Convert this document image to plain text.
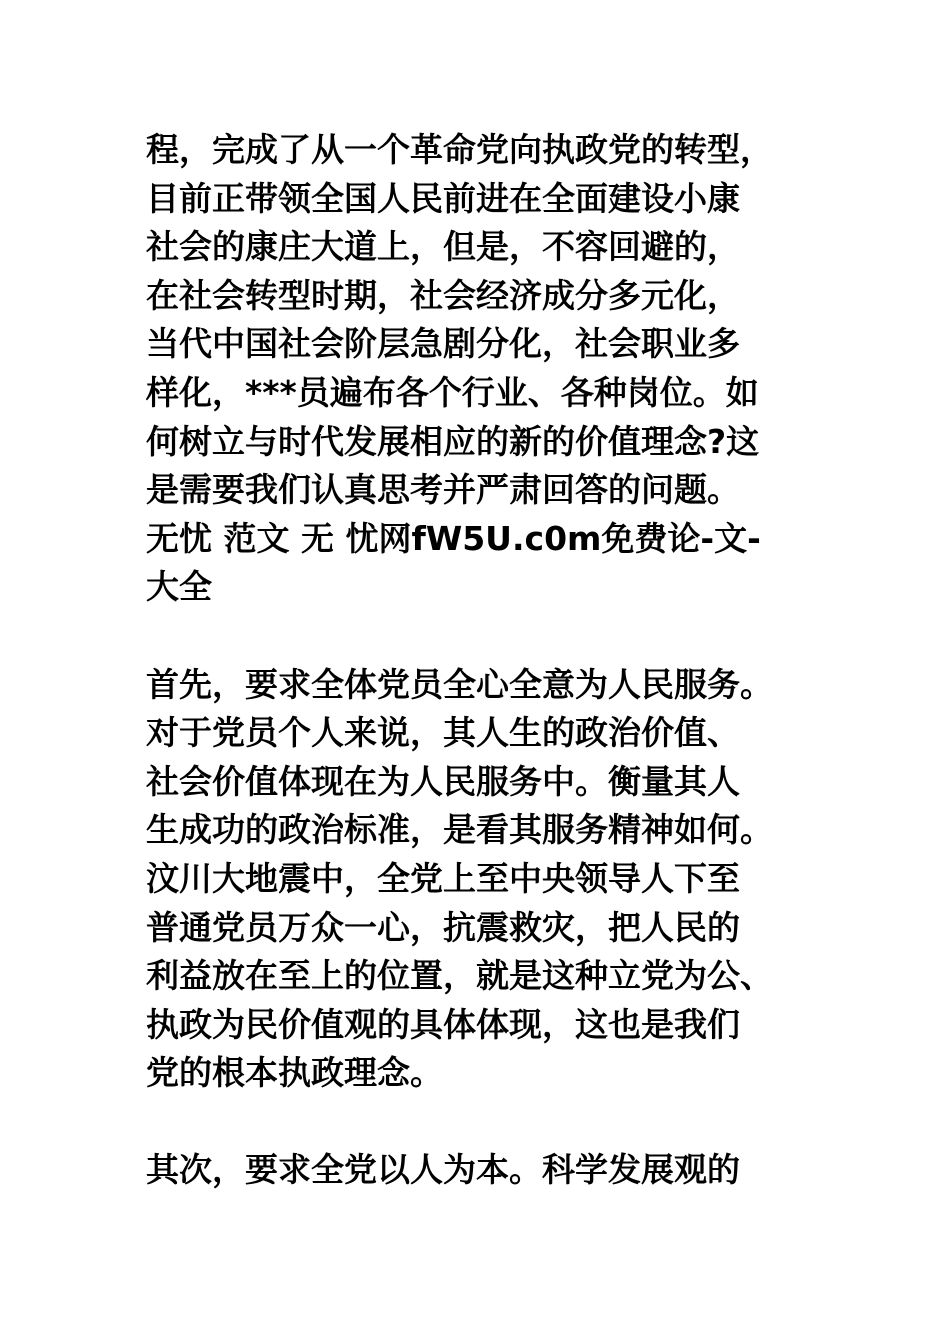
程，完成了从一个革命党向执政党的转型，
目前正带领全国人民前进在全面建设小康
社会的康庄大道上，但是，不容回避的，
在社会转型时期，社会经济成分多元化，
当代中国社会阶层急剧分化，社会职业多
样化，***员遍布各个行业、各种岗位。如
何树立与时代发展相应的新的价值理念?这
是需要我们认真思考并严肃回答的问题。
无忧 范文 无 忧网fW5U.c0m免费论-文-
大全
首先，要求全体党员全心全意为人民服务。
对于党员个人来说，其人生的政治价值、
社会价值体现在为人民服务中。衡量其人
生成功的政治标准，是看其服务精神如何。
汶川大地震中，全党上至中央领导人下至
普通党员万众一心，抗震救灾，把人民的
利益放在至上的位置，就是这种立党为公、
执政为民价值观的具体体现，这也是我们
党的根本执政理念。
其次，要求全党以人为本。科学发展观的
